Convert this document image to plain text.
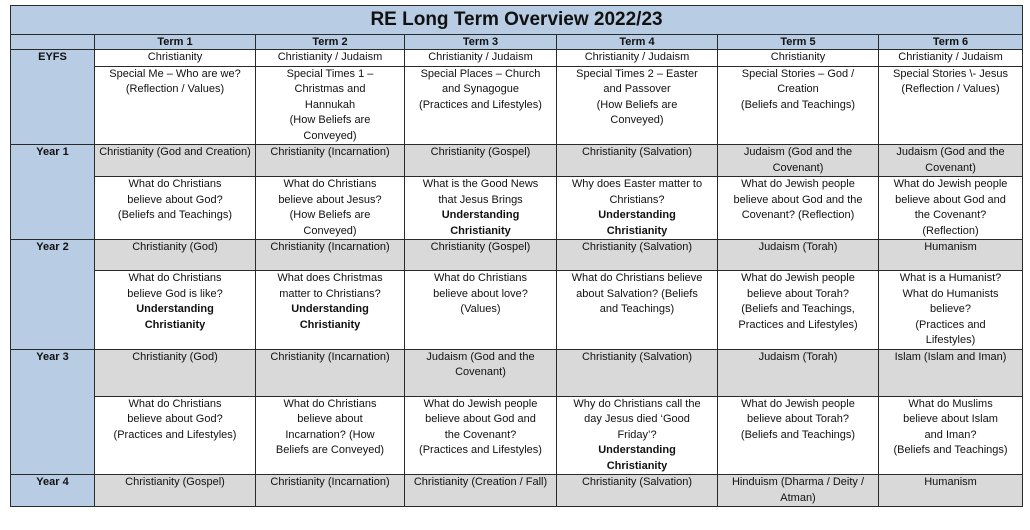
RE Long Term Overview 2022/23						
	Term 1	Term 2	Term 3	Term 4	Term 5	Term 6
EYFS	Christianity	Christianity / Judaism	Christianity / Judaism	Christianity / Judaism	Christianity	Christianity / Judaism

	Special Me – Who are we?
(Reflection / Values)	Special Times 1 –
Christmas and
Hannukah
(How Beliefs are
Conveyed)	Special Places – Church
and Synagogue
(Practices and Lifestyles)	Special Times 2 – Easter
and Passover
(How Beliefs are
Conveyed)	Special Stories – God /
Creation
(Beliefs and Teachings)	Special Stories \- Jesus
(Reflection / Values)

Year 1	Christianity (God and Creation)	Christianity (Incarnation)	Christianity (Gospel)	Christianity (Salvation)	Judaism (God and the Covenant)	Judaism (God and the Covenant)

	What do Christians
believe about God?
(Beliefs and Teachings)	What do Christians
believe about Jesus?
(How Beliefs are
Conveyed)	What is the Good News
that Jesus Brings
Understanding
Christianity	Why does Easter matter to
Christians?
Understanding
Christianity	What do Jewish people
believe about God and the
Covenant? (Reflection)	What do Jewish people
believe about God and
the Covenant?
(Reflection)

Year 2	Christianity (God)	Christianity (Incarnation)	Christianity (Gospel)	Christianity (Salvation)	Judaism (Torah)	Humanism

	What do Christians
believe God is like?
Understanding
Christianity	What does Christmas
matter to Christians?
Understanding
Christianity	What do Christians
believe about love?
(Values)	What do Christians believe
about Salvation? (Beliefs
and Teachings)	What do Jewish people
believe about Torah?
(Beliefs and Teachings,
Practices and Lifestyles)	What is a Humanist?
What do Humanists
believe?
(Practices and
Lifestyles)

Year 3	Christianity (God)	Christianity (Incarnation)	Judaism (God and the Covenant)	Christianity (Salvation)	Judaism (Torah)	Islam (Islam and Iman)

	What do Christians
believe about God?
(Practices and Lifestyles)	What do Christians
believe about
Incarnation? (How
Beliefs are Conveyed)	What do Jewish people
believe about God and
the Covenant?
(Practices and Lifestyles)	Why do Christians call the
day Jesus died ‘Good
Friday’?
Understanding
Christianity	What do Jewish people
believe about Torah?
(Beliefs and Teachings)	What do Muslims
believe about Islam
and Iman?
(Beliefs and Teachings)

Year 4	Christianity (Gospel)	Christianity (Incarnation)	Christianity (Creation / Fall)	Christianity (Salvation)	Hinduism (Dharma / Deity / Atman)	Humanism
